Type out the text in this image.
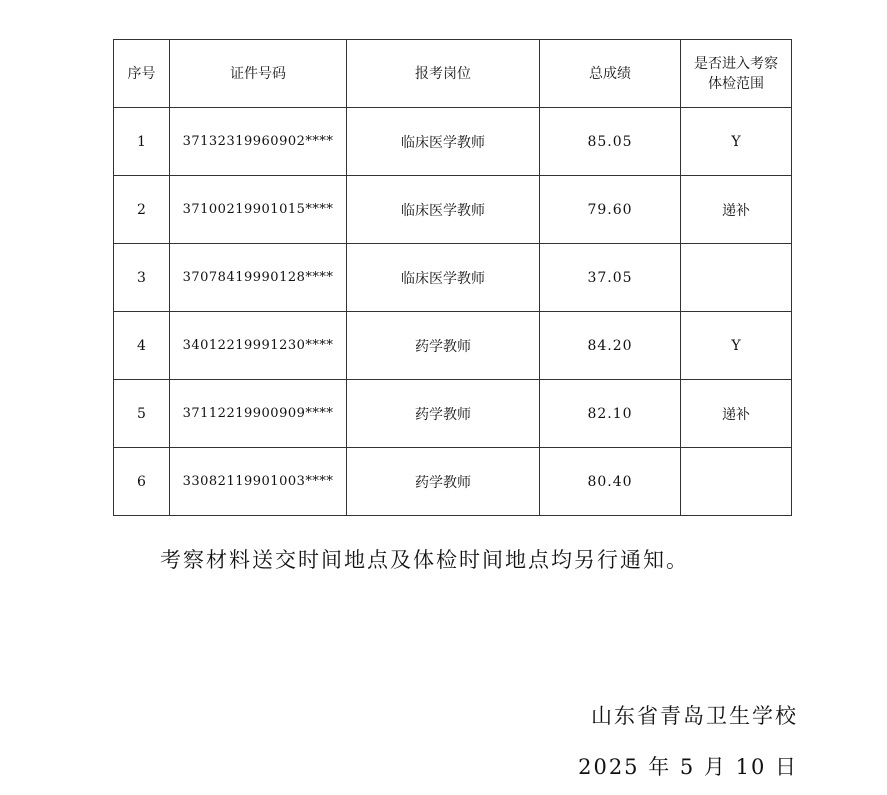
序号	证件号码	报考岗位	总成绩	是否进入考察体检范围
1	37132319960902****	临床医学教师	85.05	Y
2	37100219901015****	临床医学教师	79.60	递补
3	37078419990128****	临床医学教师	37.05	
4	34012219991230****	药学教师	84.20	Y
5	37112219900909****	药学教师	82.10	递补
6	33082119901003****	药学教师	80.40	
考察材料送交时间地点及体检时间地点均另行通知。
山东省青岛卫生学校
2025 年 5 月 10 日
